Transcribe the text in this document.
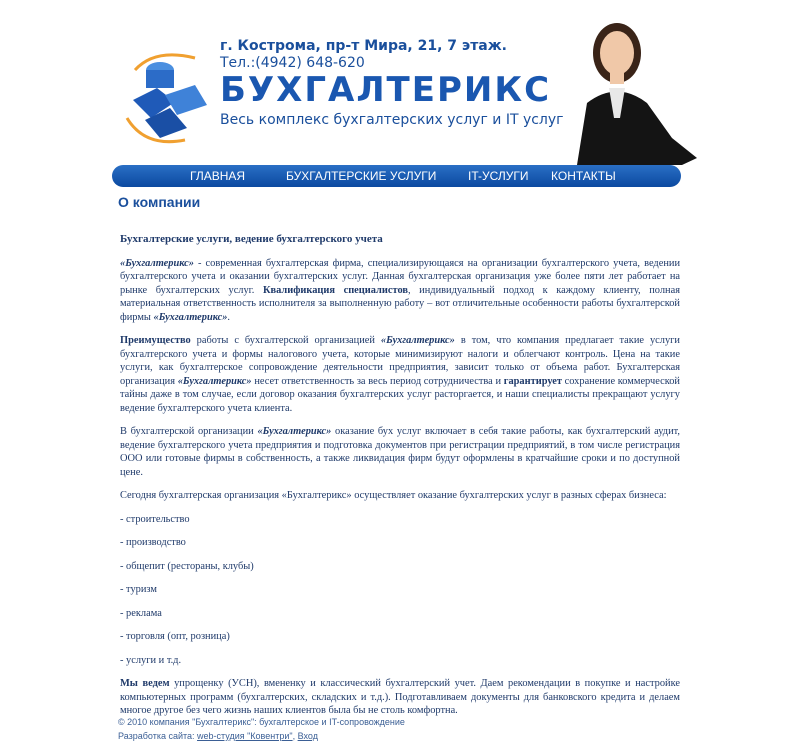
г. Кострома, пр-т Мира, 21, 7 этаж.
Тел.:(4942) 648-620
БУХГАЛТЕРИКС
Весь комплекс бухгалтерских услуг и IT услуг
ГЛАВНАЯ	БУХГАЛТЕРСКИЕ УСЛУГИ	IT-УСЛУГИ КОНТАКТЫ
О компании
Бухгалтерские услуги, ведение бухгалтерского учета

«Бухгалтерикс» - современная бухгалтерская фирма, специализирующаяся на организации бухгалтерского учета, ведении бухгалтерского учета и оказании бухгалтерских услуг. Данная бухгалтерская организация уже более пяти лет работает на рынке бухгалтерских услуг. Квалификация специалистов, индивидуальный подход к каждому клиенту, полная материальная ответственность исполнителя за выполненную работу – вот отличительные особенности работы бухгалтерской фирмы «Бухгалтерикс».

Преимущество работы с бухгалтерской организацией «Бухгалтерикс» в том, что компания предлагает такие услуги бухгалтерского учета и формы налогового учета, которые минимизируют налоги и облегчают контроль. Цена на такие услуги, как бухгалтерское сопровождение деятельности предприятия, зависит только от объема работ. Бухгалтерская организация «Бухгалтерикс» несет ответственность за весь период сотрудничества и гарантирует сохранение коммерческой тайны даже в том случае, если договор оказания бухгалтерских услуг расторгается, и наши специалисты прекращают услугу ведение бухгалтерского учета клиента.

В бухгалтерской организации «Бухгалтерикс» оказание бух услуг включает в себя такие работы, как бухгалтерский аудит, ведение бухгалтерского учета предприятия и подготовка документов при регистрации предприятий, в том числе регистрация ООО или готовые фирмы в собственность, а также ликвидация фирм будут оформлены в кратчайшие сроки и по доступной цене.

Сегодня бухгалтерская организация «Бухгалтерикс» осуществляет оказание бухгалтерских услуг в разных сферах бизнеса:

- строительство
- производство
- общепит (рестораны, клубы)
- туризм
- реклама
- торговля (опт, розница)
- услуги и т.д.

Мы ведем упрощенку (УСН), вмененку и классический бухгалтерский учет. Даем рекомендации в покупке и настройке компьютерных программ (бухгалтерских, складских и т.д.). Подготавливаем документы для банковского кредита и делаем многое другое без чего жизнь наших клиентов была бы не столь комфортна.

© 2010 компания "Бухгалтерикс": бухгалтерское и IT-сопровождение
Разработка сайта: web-студия "Ковентри", Вход
